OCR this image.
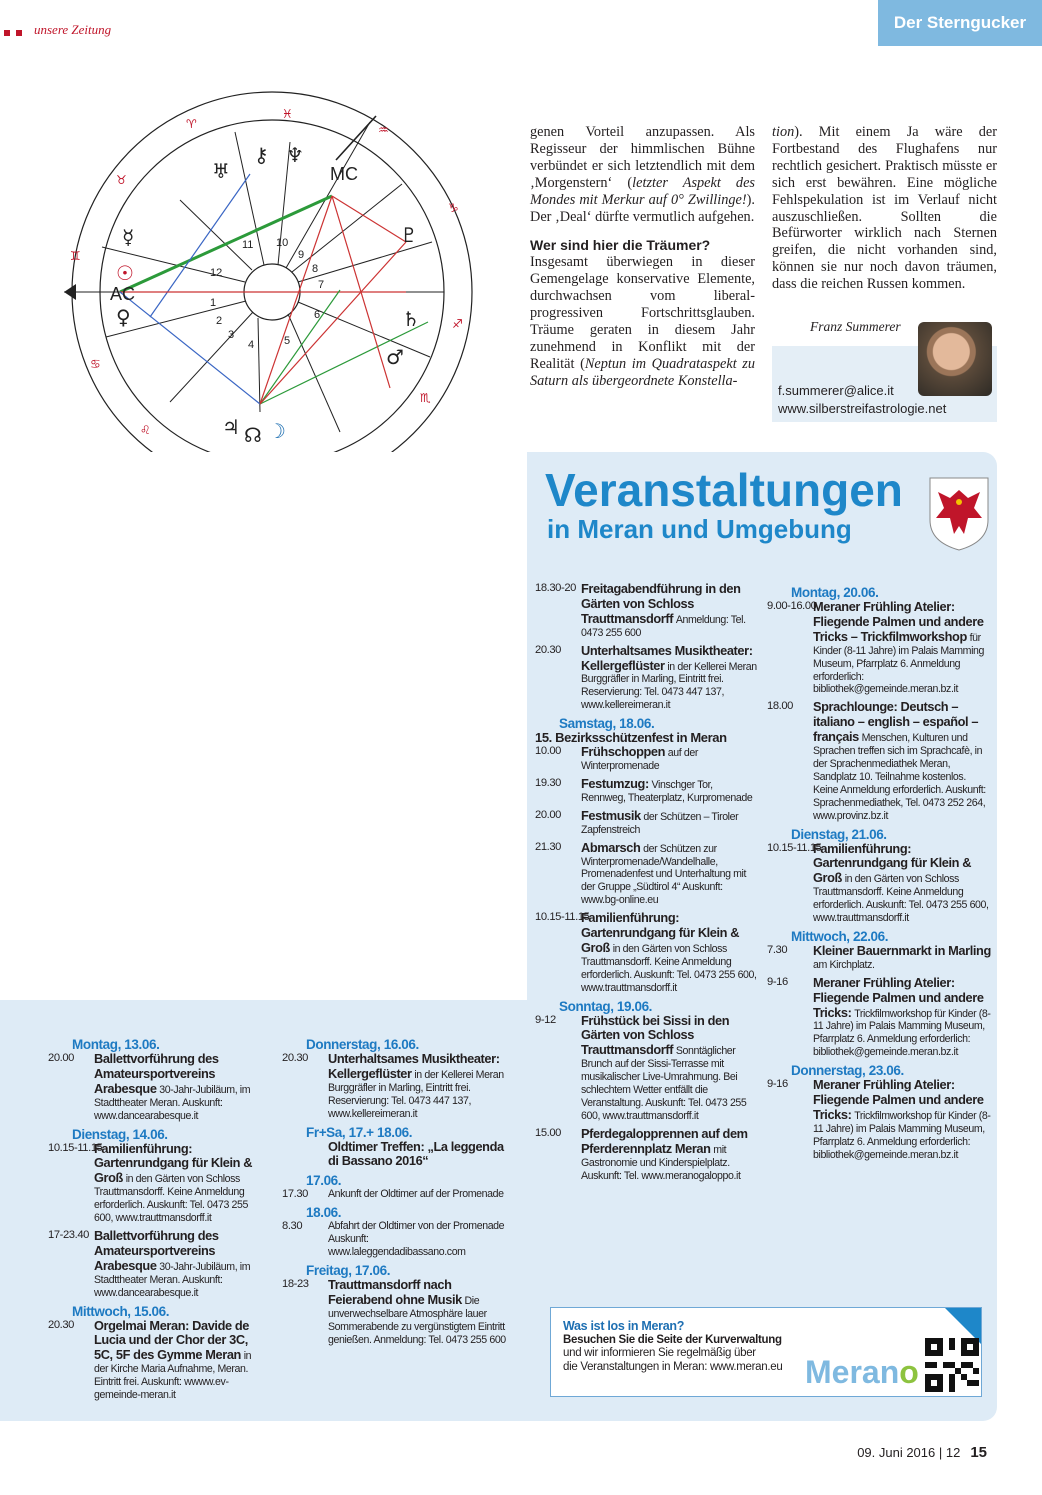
unsere Zeitung	Der Sterngucker
1
2
3
4	5
6
7
8
9
10
11
12
♓
♈
♉
♊
♋
♌
♏
♐
♑
♒
♅
⚷ ♆
☿
☉
♀
♇
♄
♂
♃ ☊ ☽
MC
AC

genen Vorteil anzupassen. Als Regisseur der himmlischen Bühne verbündet er sich letztendlich mit dem ‚Morgenstern‘ (letzter Aspekt des Mondes mit Merkur auf 0° Zwillinge!). Der ‚Deal‘ dürfte vermutlich aufgehen.
Wer sind hier die Träumer?
Insgesamt überwiegen in dieser Gemengelage konservative Elemente, durchwachsen vom liberal-progressiven Fortschrittsglauben. Träume geraten in diesem Jahr zunehmend in Konflikt mit der Realität (Neptun im Quadrataspekt zu Saturn als übergeordnete Konstella-
tion). Mit einem Ja wäre der Fortbestand des Flughafens nur rechtlich gesichert. Praktisch müsste er sich erst bewähren. Eine mögliche Fehlspekulation ist im Verlauf nicht auszuschließen. Sollten die Befürworter wirklich nach Sternen greifen, die nicht vorhanden sind, können sie nur noch davon träumen, dass die reichen Russen kommen.
Franz Summerer
f.summerer@alice.it
www.silberstreifastrologie.net
Veranstaltungen
in Meran und Umgebung
Montag, 13.06.
20.00 Ballettvorführung des Amateursportvereins Arabesque 30-Jahr-Jubiläum, im Stadttheater Meran. Auskunft: www.dancearabesque.it
Dienstag, 14.06.
10.15-11.15
Familienführung: Gartenrundgang für Klein & Groß in den Gärten von Schloss Trauttmansdorff. Keine Anmeldung erforderlich. Auskunft: Tel. 0473 255 600, www.trauttmansdorff.it
17-23.40 Ballettvorführung des Amateursportvereins Arabesque 30-Jahr-Jubiläum, im Stadttheater Meran. Auskunft: www.dancearabesque.it
Mittwoch, 15.06.
20.30 Orgelmai Meran: Davide de Lucia und der Chor der 3C, 5C, 5F des Gymme Meran in der Kirche Maria Aufnahme, Meran. Eintritt frei. Auskunft: wwww.ev-gemeinde-meran.it
Donnerstag, 16.06.
20.30 Unterhaltsames Musiktheater: Kellergeflüster in der Kellerei Meran Burggräfler in Marling, Eintritt frei. Reservierung: Tel. 0473 447 137, www.kellereimeran.it
Fr+Sa, 17.+ 18.06.
Oldtimer Treffen: „La leggenda di Bassano 2016“
17.06.
17.30 Ankunft der Oldtimer auf der Promenade
18.06.
8.30 Abfahrt der Oldtimer von der Promenade Auskunft: www.laleggendadibassano.com
Freitag, 17.06.
18-23 Trauttmansdorff nach Feierabend ohne Musik Die unverwechselbare Atmosphäre lauer Sommerabende zu vergünstigtem Eintritt genießen. Anmeldung: Tel. 0473 255 600
18.30-20 Freitagabendführung in den Gärten von Schloss Trauttmansdorff Anmeldung: Tel. 0473 255 600
20.30 Unterhaltsames Musiktheater: Kellergeflüster in der Kellerei Meran Burggräfler in Marling, Eintritt frei. Reservierung: Tel. 0473 447 137, www.kellereimeran.it
Samstag, 18.06.
15. Bezirksschützenfest in Meran
10.00 Frühschoppen auf der Winterpromenade
19.30 Festumzug: Vinschger Tor, Rennweg, Theaterplatz, Kurpromenade
20.00 Festmusik der Schützen – Tiroler Zapfenstreich
21.30 Abmarsch der Schützen zur Winterpromenade/Wandelhalle, Promenadenfest und Unterhaltung mit der Gruppe „Südtirol 4“ Auskunft: www.bg-online.eu
10.15-11.15
Familienführung: Gartenrundgang für Klein & Groß in den Gärten von Schloss Trauttmansdorff. Keine Anmeldung erforderlich. Auskunft: Tel. 0473 255 600, www.trauttmansdorff.it
Sonntag, 19.06.
9-12 Frühstück bei Sissi in den Gärten von Schloss Trauttmansdorff Sonntäglicher Brunch auf der Sissi-Terrasse mit musikalischer Live-Umrahmung. Bei schlechtem Wetter entfällt die Veranstaltung. Auskunft: Tel. 0473 255 600, www.trauttmansdorff.it
15.00 Pferdegalopprennen auf dem Pferderennplatz Meran mit Gastronomie und Kinderspielplatz. Auskunft: Tel. www.meranogaloppo.it
Montag, 20.06.
9.00-16.00
Meraner Frühling Atelier: Fliegende Palmen und andere Tricks – Trickfilmworkshop für Kinder (8-11 Jahre) im Palais Mamming Museum, Pfarrplatz 6. Anmeldung erforderlich: bibliothek@gemeinde.meran.bz.it
18.00 Sprachlounge: Deutsch – italiano – english – español – français Menschen, Kulturen und Sprachen treffen sich im Sprachcafè, in der Sprachenmediathek Meran, Sandplatz 10. Teilnahme kostenlos. Keine Anmeldung erforderlich. Auskunft: Sprachenmediathek, Tel. 0473 252 264, www.provinz.bz.it
Dienstag, 21.06.
10.15-11.15
Familienführung: Gartenrundgang für Klein & Groß in den Gärten von Schloss Trauttmansdorff. Keine Anmeldung erforderlich. Auskunft: Tel. 0473 255 600, www.trauttmansdorff.it
Mittwoch, 22.06.
7.30 Kleiner Bauernmarkt in Marling am Kirchplatz.
9-16 Meraner Frühling Atelier: Fliegende Palmen und andere Tricks: Trickfilmworkshop für Kinder (8-11 Jahre) im Palais Mamming Museum, Pfarrplatz 6. Anmeldung erforderlich: bibliothek@gemeinde.meran.bz.it
Donnerstag, 23.06.
9-16 Meraner Frühling Atelier: Fliegende Palmen und andere Tricks: Trickfilmworkshop für Kinder (8-11 Jahre) im Palais Mamming Museum, Pfarrplatz 6. Anmeldung erforderlich: bibliothek@gemeinde.meran.bz.it
Was ist los in Meran?
Besuchen Sie die Seite der Kurverwaltung
und wir informieren Sie regelmäßig über
die Veranstaltungen in Meran: www.meran.eu Merano
09. Juni 2016 | 12 15
